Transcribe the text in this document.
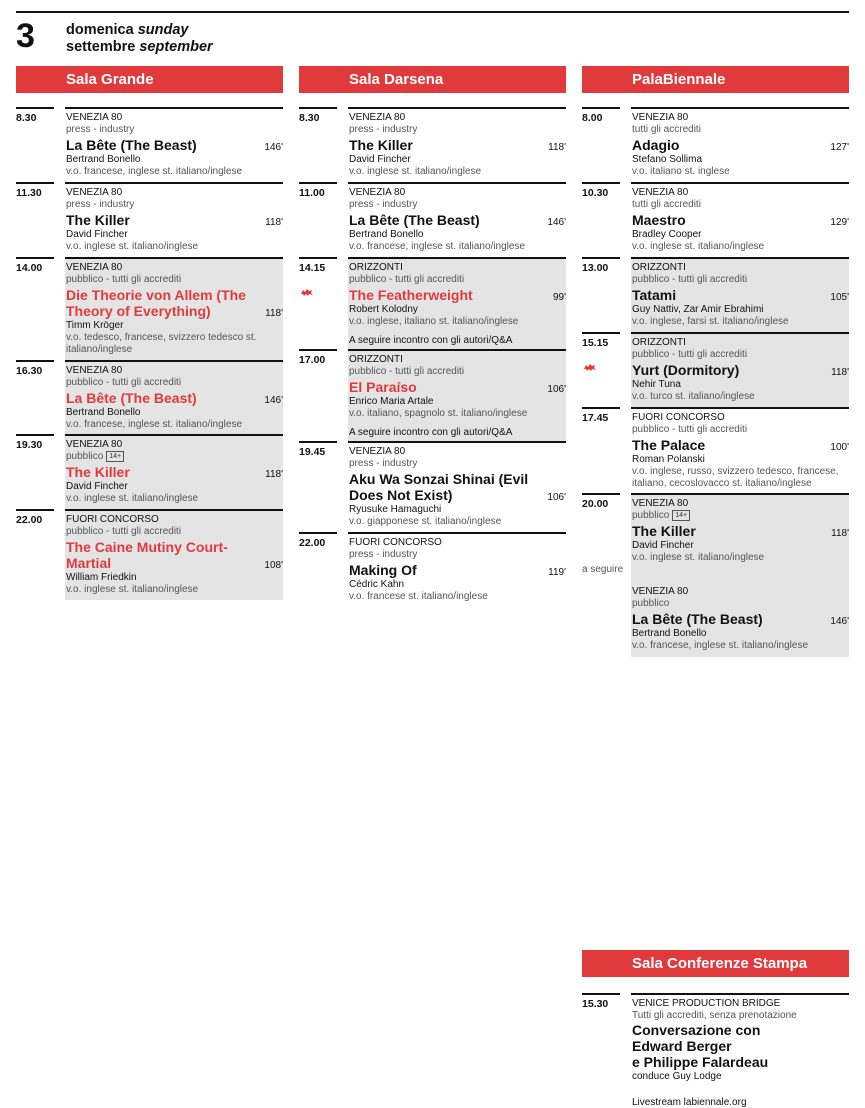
3 domenica sunday
settembre september
Sala Grande
8.30	VENEZIA 80
press - industry
La Bête (The Beast)	146'
Bertrand Bonello
v.o. francese, inglese st. italiano/inglese
11.30 VENEZIA 80
press - industry
The Killer	118'
David Fincher
v.o. inglese st. italiano/inglese
14.00 VENEZIA 80
pubblico - tutti gli accrediti
Die Theorie von Allem (The Theory of Everything)	118'
Timm Kröger
v.o. tedesco, francese, svizzero tedesco st. italiano/inglese
16.30 VENEZIA 80
pubblico - tutti gli accrediti
La Bête (The Beast)	146'
Bertrand Bonello
v.o. francese, inglese st. italiano/inglese
19.30 VENEZIA 80
pubblico 14+
The Killer	118'
David Fincher
v.o. inglese st. italiano/inglese
22.00 FUORI CONCORSO
pubblico - tutti gli accrediti
The Caine Mutiny Court-Martial	108'
William Friedkin
v.o. inglese st. italiano/inglese
Sala Darsena
8.30	VENEZIA 80
press - industry
The Killer	118'
David Fincher
v.o. inglese st. italiano/inglese
11.00 VENEZIA 80
press - industry
La Bête (The Beast)	146'
Bertrand Bonello
v.o. francese, inglese st. italiano/inglese
14.15 ORIZZONTI
pubblico - tutti gli accrediti
The Featherweight	99'
Robert Kolodny
v.o. inglese, italiano st. italiano/inglese
A seguire incontro con gli autori/Q&A
17.00 ORIZZONTI
pubblico - tutti gli accrediti
El Paraíso	106'
Enrico Maria Artale
v.o. italiano, spagnolo st. italiano/inglese
A seguire incontro con gli autori/Q&A
19.45 VENEZIA 80
press - industry
Aku Wa Sonzai Shinai (Evil Does Not Exist)	106'
Ryusuke Hamaguchi
v.o. giapponese st. italiano/inglese
22.00 FUORI CONCORSO
press - industry
Making Of	119'
Cédric Kahn
v.o. francese st. italiano/inglese
PalaBiennale
8.00	VENEZIA 80
tutti gli accrediti
Adagio	127'
Stefano Sollima
v.o. italiano st. inglese
10.30 VENEZIA 80
tutti gli accrediti
Maestro	129'
Bradley Cooper
v.o. inglese st. italiano/inglese
13.00 ORIZZONTI
pubblico - tutti gli accrediti
Tatami	105'
Guy Nattiv, Zar Amir Ebrahimi
v.o. inglese, farsi st. italiano/inglese
15.15 ORIZZONTI
pubblico - tutti gli accrediti
Yurt (Dormitory)	118'
Nehir Tuna
v.o. turco st. italiano/inglese
17.45 FUORI CONCORSO
pubblico - tutti gli accrediti
The Palace	100'
Roman Polanski
v.o. inglese, russo, svizzero tedesco, francese, italiano, cecoslovacco st. italiano/inglese
20.00
a seguire
VENEZIA 80
pubblico 14+
The Killer	118'
David Fincher
v.o. inglese st. italiano/inglese
VENEZIA 80
pubblico
La Bête (The Beast)	146'
Bertrand Bonello
v.o. francese, inglese st. italiano/inglese
Sala Conferenze Stampa
15.30 VENICE PRODUCTION BRIDGE
Tutti gli accrediti, senza prenotazione
Conversazione con
Edward Berger
e Philippe Falardeau
conduce Guy Lodge
Livestream labiennale.org
